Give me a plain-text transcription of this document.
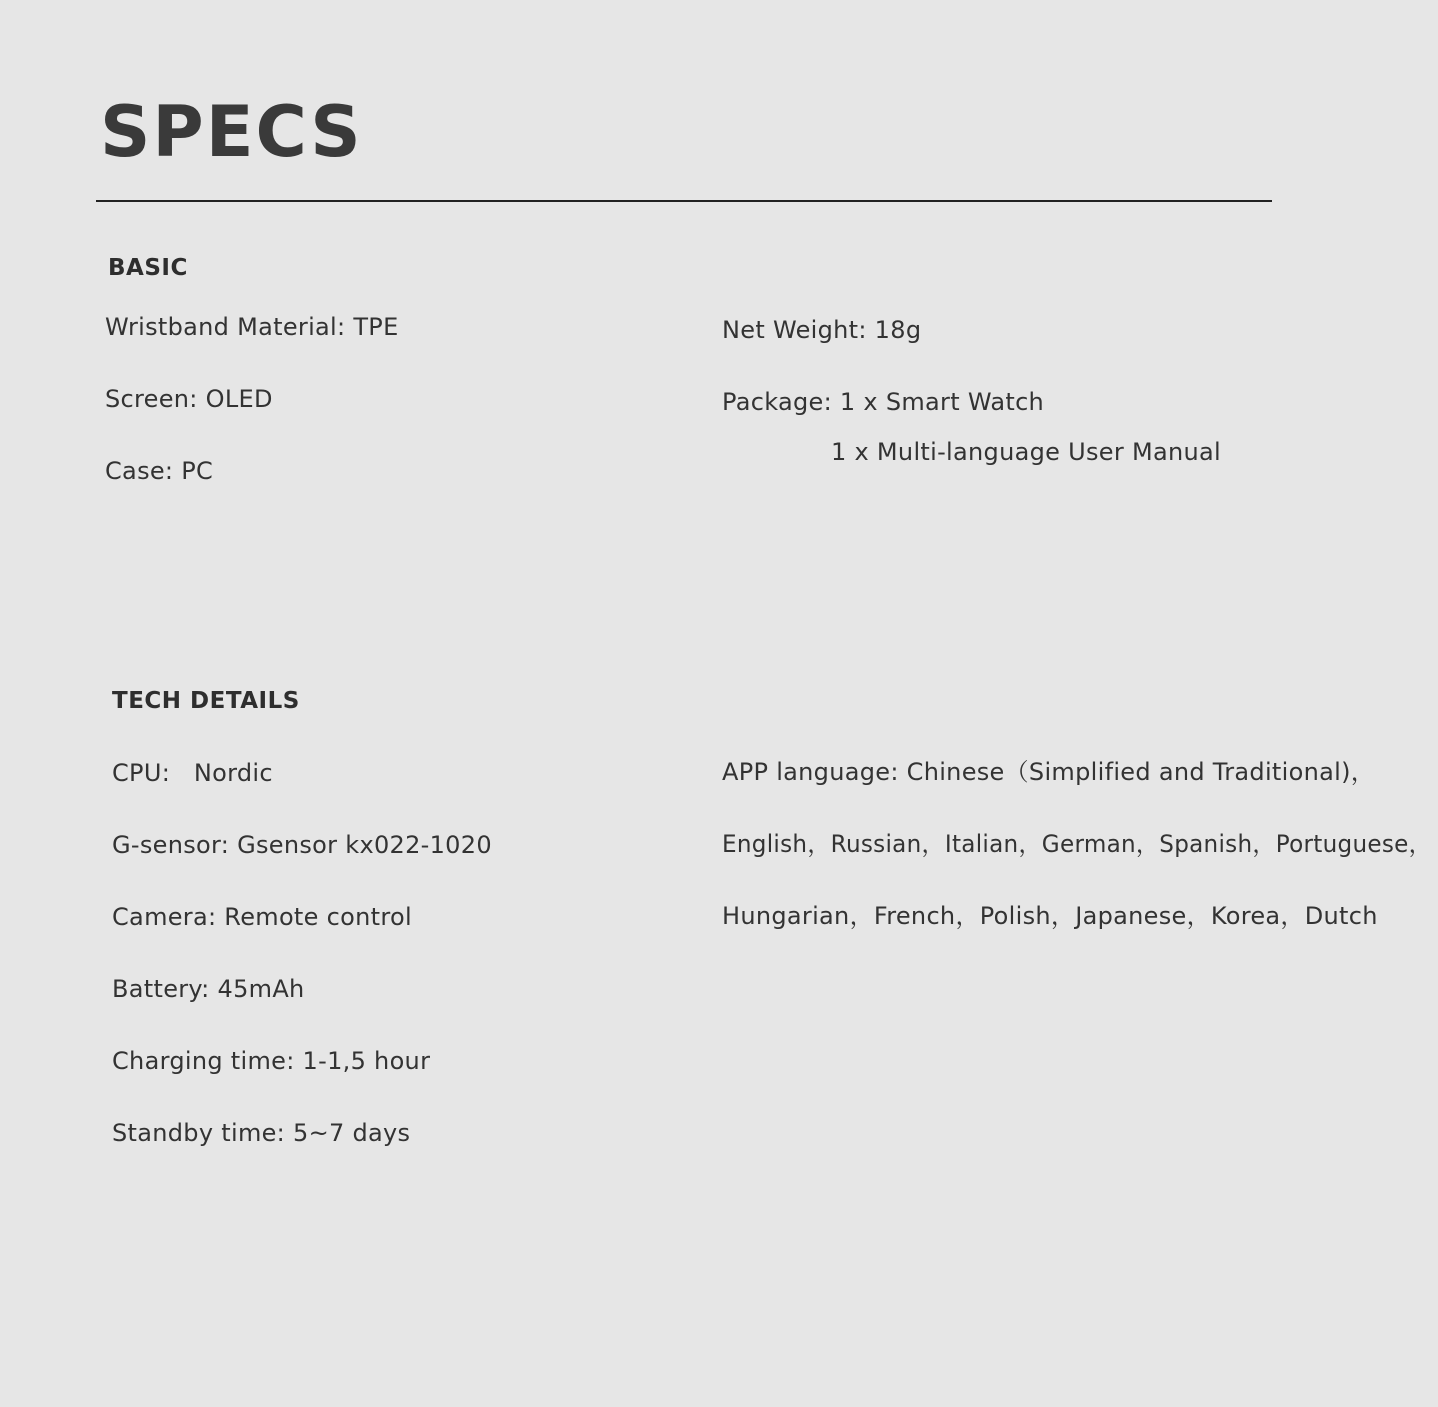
SPECS
BASIC
Wristband Material: TPE
Screen: OLED
Case: PC
Net Weight: 18g
Package: 1 x Smart Watch
1 x Multi-language User Manual
TECH DETAILS
CPU:   Nordic
G-sensor: Gsensor kx022-1020
Camera: Remote control
Battery: 45mAh
Charging time: 1-1,5 hour
Standby time: 5~7 days
APP language: Chinese（Simplified and Traditional)，
English，Russian，Italian，German，Spanish，Portuguese，
Hungarian，French，Polish，Japanese，Korea，Dutch
